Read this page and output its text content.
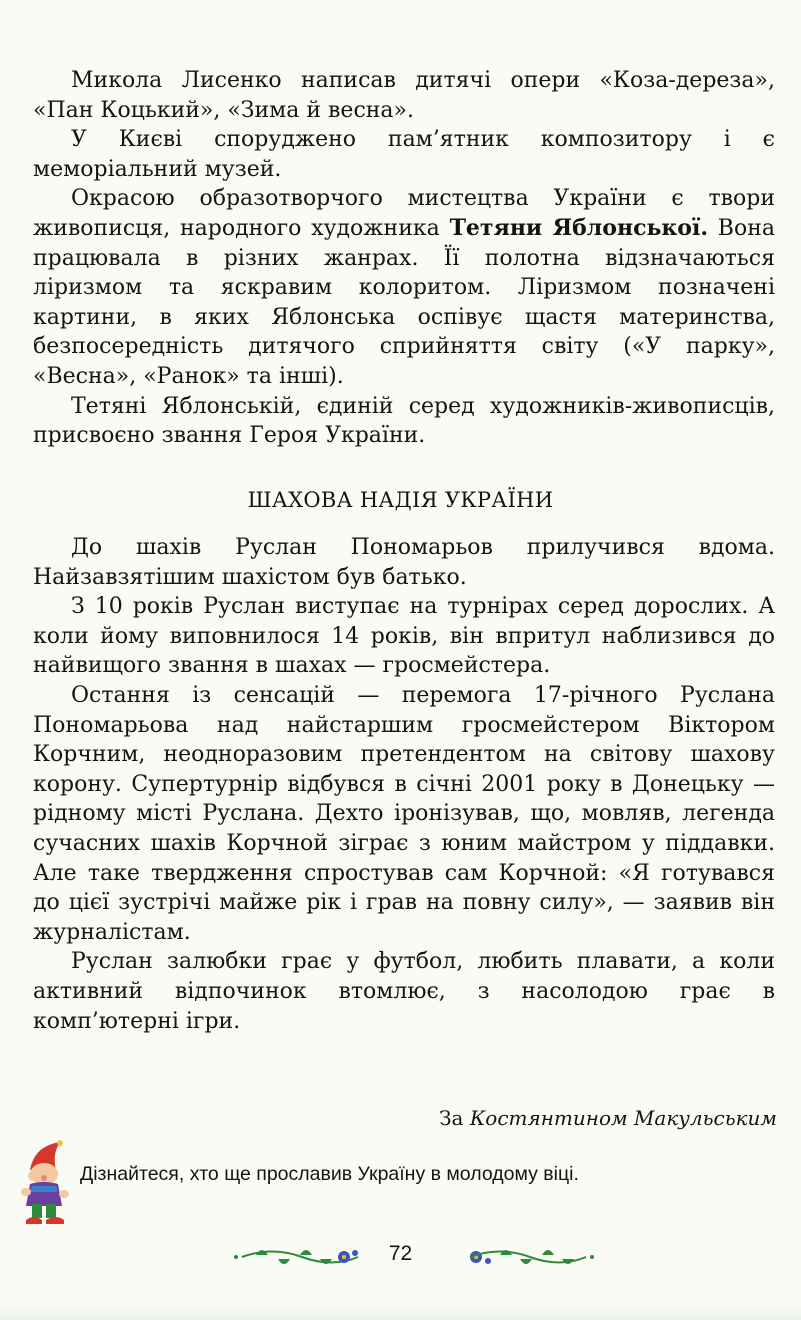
Микола Лисенко написав дитячі опери «Коза-дереза», «Пан Коцький», «Зима й весна».

У Києві споруджено пам’ятник композитору і є меморіальний музей.

Окрасою образотворчого мистецтва України є твори живописця, народного художника Тетяни Яблонської. Вона працювала в різних жанрах. Її полотна відзначаються ліризмом та яскравим колоритом. Ліризмом позначені картини, в яких Яблонська оспівує щастя материнства, безпосередність дитячого сприйняття світу («У парку», «Весна», «Ранок» та інші).

Тетяні Яблонській, єдиній серед художників-живописців, присвоєно звання Героя України.

ШАХОВА НАДІЯ УКРАЇНИ

До шахів Руслан Пономарьов прилучився вдома. Найзавзятішим шахістом був батько.

З 10 років Руслан виступає на турнірах серед дорослих. А коли йому виповнилося 14 років, він впритул наблизився до найвищого звання в шахах — гросмейстера.

Остання із сенсацій — перемога 17-річного Руслана Пономарьова над найстаршим гросмейстером Віктором Корчним, неодноразовим претендентом на світову шахову корону. Супертурнір відбувся в січні 2001 року в Донецьку — рідному місті Руслана. Дехто іронізував, що, мовляв, легенда сучасних шахів Корчной зіграє з юним майстром у піддавки. Але таке твердження спростував сам Корчной: «Я готувався до цієї зустрічі майже рік і грав на повну силу», — заявив він журналістам.

Руслан залюбки грає у футбол, любить плавати, а коли активний відпочинок втомлює, з насолодою грає в комп’ютерні ігри.

За Костянтином Макульським
Дізнайтеся, хто ще прославив Україну в молодому віці.
72
